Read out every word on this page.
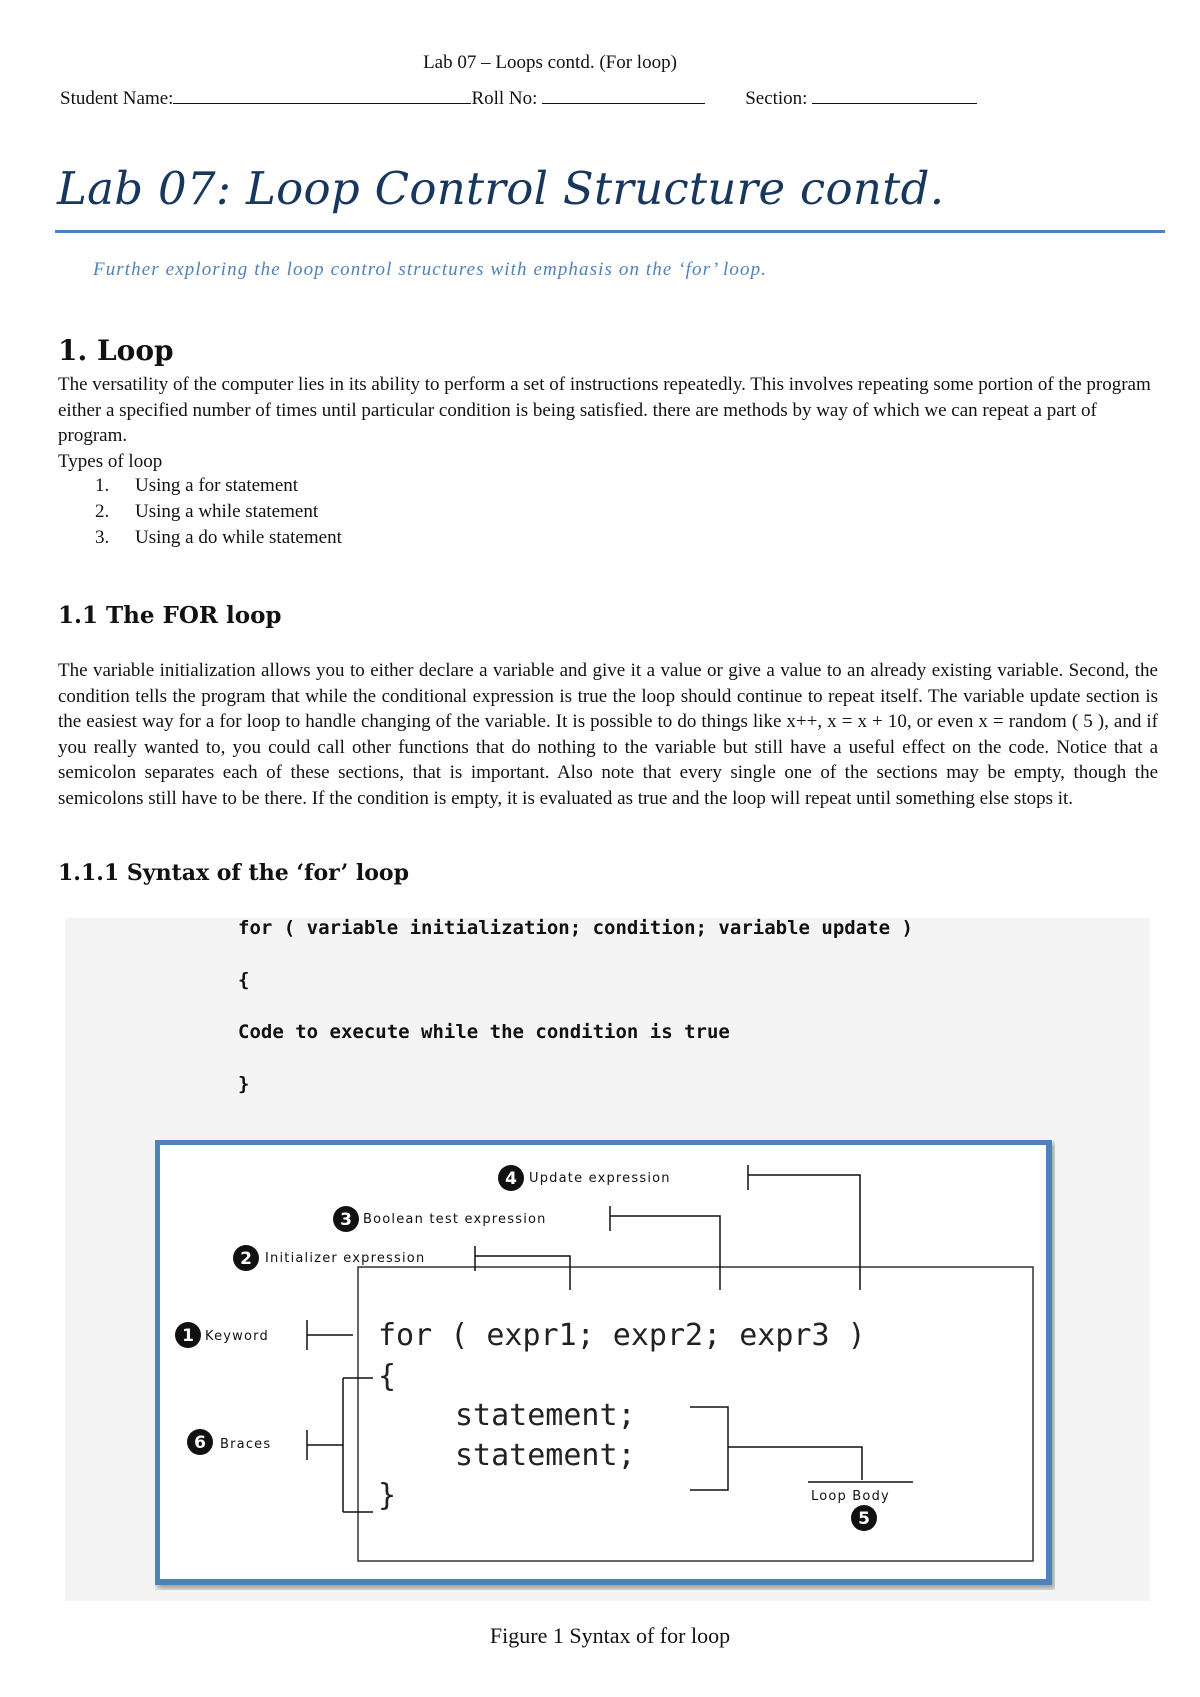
Lab 07 – Loops contd. (For loop)
Student Name:	Roll No:	Section:
Lab 07: Loop Control Structure contd.
Further exploring the loop control structures with emphasis on the ‘for’ loop.
1. Loop
The versatility of the computer lies in its ability to perform a set of instructions repeatedly. This involves repeating some portion of the program either a specified number of times until particular condition is being satisfied. there are methods by way of which we can repeat a part of program.
Types of loop
1. Using a for statement
2. Using a while statement
3. Using a do while statement
1.1 The FOR loop
The variable initialization allows you to either declare a variable and give it a value or give a value to an already existing variable. Second, the condition tells the program that while the conditional expression is true the loop should continue to repeat itself. The variable update section is the easiest way for a for loop to handle changing of the variable. It is possible to do things like x++, x = x + 10, or even x = random ( 5 ), and if you really wanted to, you could call other functions that do nothing to the variable but still have a useful effect on the code. Notice that a semicolon separates each of these sections, that is important. Also note that every single one of the sections may be empty, though the semicolons still have to be there. If the condition is empty, it is evaluated as true and the loop will repeat until something else stops it.
1.1.1 Syntax of the ‘for’ loop
for ( variable initialization; condition; variable update )
{
Code to execute while the condition is true
}
4
3
2
1
6
5
Update expression
Boolean test expression
Initializer expression
Keyword
Braces
Loop Body
for ( expr1; expr2; expr3 )
{
statement;
statement;
}
Figure 1 Syntax of for loop
